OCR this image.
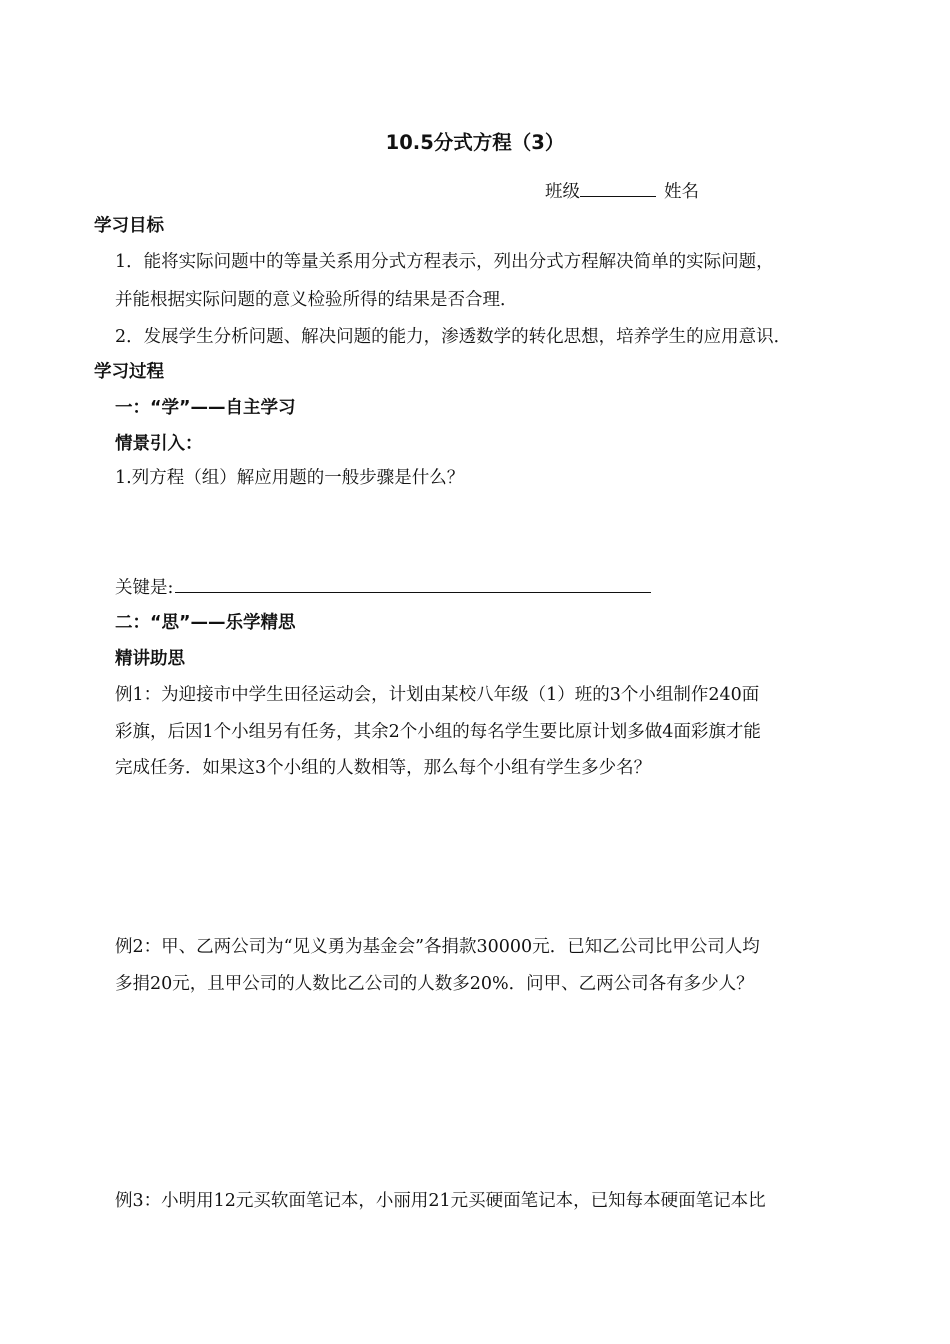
10.5分式方程（3）
班级	姓名
学习目标
1．能将实际问题中的等量关系用分式方程表示，列出分式方程解决简单的实际问题，
并能根据实际问题的意义检验所得的结果是否合理．
2．发展学生分析问题、解决问题的能力，渗透数学的转化思想，培养学生的应用意识．
学习过程
一：“学”——自主学习
情景引入：
1.列方程（组）解应用题的一般步骤是什么？
关键是:
二：“思”——乐学精思
精讲助思
例1：为迎接市中学生田径运动会，计划由某校八年级（1）班的3个小组制作240面
彩旗，后因1个小组另有任务，其余2个小组的每名学生要比原计划多做4面彩旗才能
完成任务．如果这3个小组的人数相等，那么每个小组有学生多少名？
例2：甲、乙两公司为“见义勇为基金会”各捐款30000元．已知乙公司比甲公司人均
多捐20元，且甲公司的人数比乙公司的人数多20%．问甲、乙两公司各有多少人？
例3：小明用12元买软面笔记本，小丽用21元买硬面笔记本，已知每本硬面笔记本比
